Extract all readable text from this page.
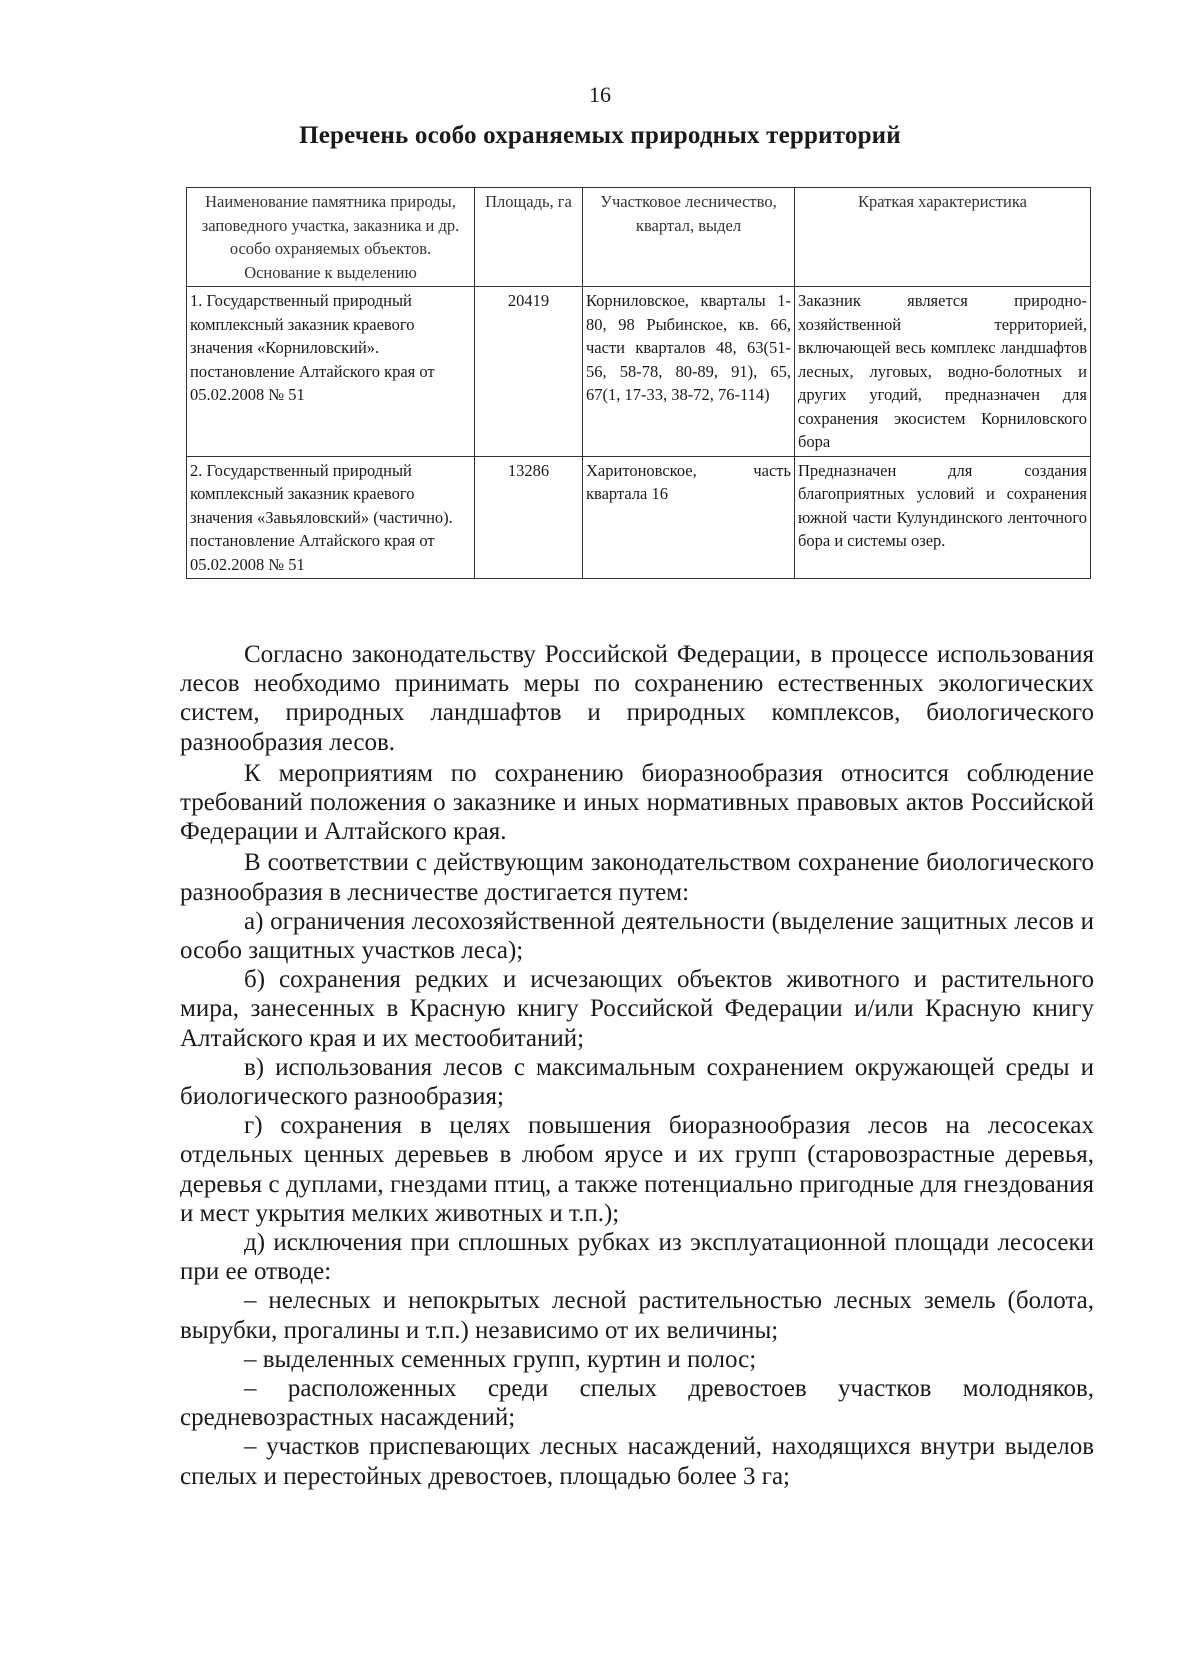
16
Перечень особо охраняемых природных территорий
Наименование памятника природы, заповедного участка, заказника и др. особо охраняемых объектов. Основание к выделению	Площадь, га	Участковое лесничество, квартал, выдел	Краткая характеристика
1. Государственный природный комплексный заказник краевого значения «Корниловский». постановление Алтайского края от 05.02.2008 № 51	20419	Корниловское, кварталы 1-80, 98 Рыбинское, кв. 66, части кварталов 48, 63(51-56, 58-78, 80-89, 91), 65, 67(1, 17-33, 38-72, 76-114)	Заказник является природно-хозяйственной территорией, включающей весь комплекс ландшафтов лесных, луговых, водно-болотных и других угодий, предназначен для сохранения экосистем Корниловского бора
2. Государственный природный комплексный заказник краевого значения «Завьяловский» (частично). постановление Алтайского края от 05.02.2008 № 51	13286	Харитоновское, часть квартала 16	Предназначен для создания благоприятных условий и сохранения южной части Кулундинского ленточного бора и системы озер.

Согласно законодательству Российской Федерации, в процессе использования лесов необходимо принимать меры по сохранению естественных экологических систем, природных ландшафтов и природных комплексов, биологического разнообразия лесов.

К мероприятиям по сохранению биоразнообразия относится соблюдение требований положения о заказнике и иных нормативных правовых актов Российской Федерации и Алтайского края.

В соответствии с действующим законодательством сохранение биологического разнообразия в лесничестве достигается путем:

а) ограничения лесохозяйственной деятельности (выделение защитных лесов и особо защитных участков леса);

б) сохранения редких и исчезающих объектов животного и растительного мира, занесенных в Красную книгу Российской Федерации и/или Красную книгу Алтайского края и их местообитаний;

в) использования лесов с максимальным сохранением окружающей среды и биологического разнообразия;

г) сохранения в целях повышения биоразнообразия лесов на лесосеках отдельных ценных деревьев в любом ярусе и их групп (старовозрастные деревья, деревья с дуплами, гнездами птиц, а также потенциально пригодные для гнездования и мест укрытия мелких животных и т.п.);

д) исключения при сплошных рубках из эксплуатационной площади лесосеки при ее отводе:

– нелесных и непокрытых лесной растительностью лесных земель (болота, вырубки, прогалины и т.п.) независимо от их величины;

– выделенных семенных групп, куртин и полос;

– расположенных среди спелых древостоев участков молодняков, средневозрастных насаждений;

– участков приспевающих лесных насаждений, находящихся внутри выделов спелых и перестойных древостоев, площадью более 3 га;
